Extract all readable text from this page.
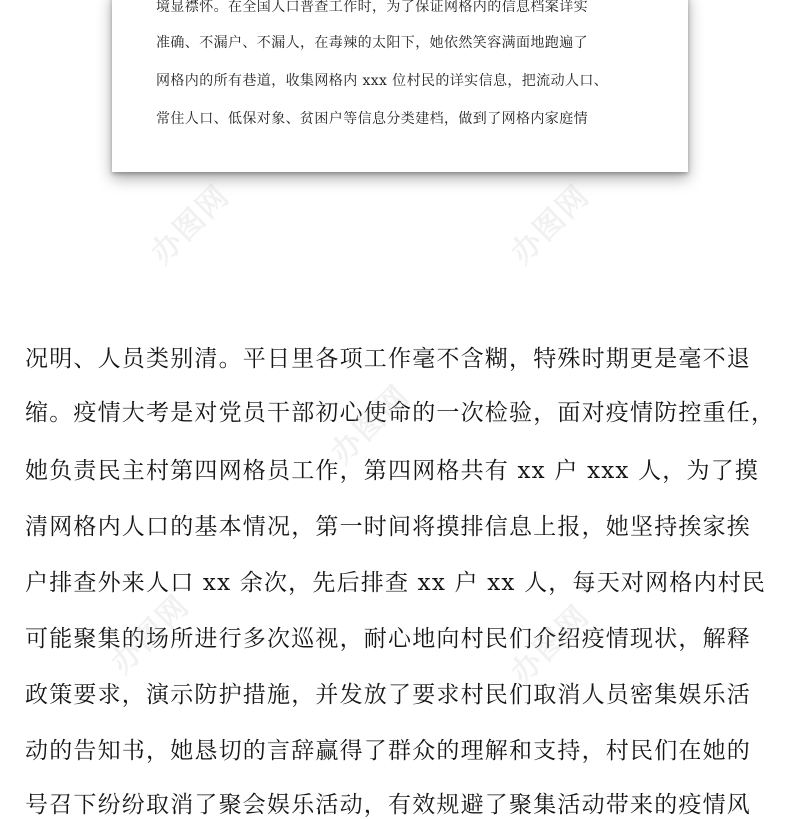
境显襟怀。在全国人口普查工作时，为了保证网格内的信息档案详实
准确、不漏户、不漏人，在毒辣的太阳下，她依然笑容满面地跑遍了
网格内的所有巷道，收集网格内 xxx 位村民的详实信息，把流动人口、
常住人口、低保对象、贫困户等信息分类建档，做到了网格内家庭情
况明、人员类别清。平日里各项工作毫不含糊，特殊时期更是毫不退
缩。疫情大考是对党员干部初心使命的一次检验，面对疫情防控重任，
她负责民主村第四网格员工作，第四网格共有 xx 户 xxx 人，为了摸
清网格内人口的基本情况，第一时间将摸排信息上报，她坚持挨家挨
户排查外来人口 xx 余次，先后排查 xx 户 xx 人，每天对网格内村民
可能聚集的场所进行多次巡视，耐心地向村民们介绍疫情现状，解释
政策要求，演示防护措施，并发放了要求村民们取消人员密集娱乐活
动的告知书，她恳切的言辞赢得了群众的理解和支持，村民们在她的
号召下纷纷取消了聚会娱乐活动，有效规避了聚集活动带来的疫情风
办图网	办图网
办图网
办图网	办图网
